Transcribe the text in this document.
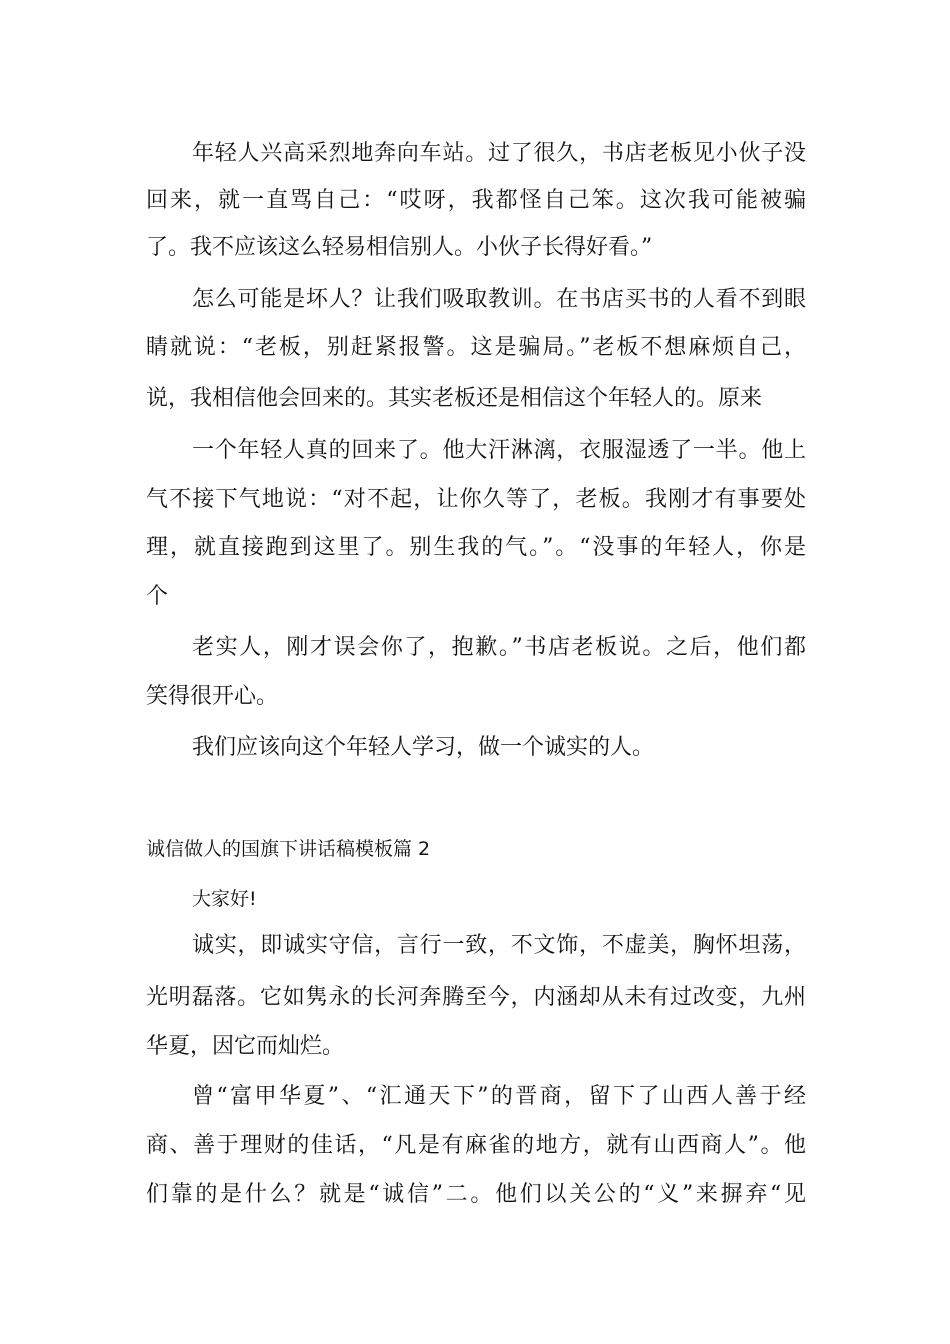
年轻人兴高采烈地奔向车站。过了很久，书店老板见小伙子没
回来，就一直骂自己：“哎呀，我都怪自己笨。这次我可能被骗
了。我不应该这么轻易相信别人。小伙子长得好看。”
怎么可能是坏人？让我们吸取教训。在书店买书的人看不到眼
睛就说：“老板，别赶紧报警。这是骗局。”老板不想麻烦自己，
说，我相信他会回来的。其实老板还是相信这个年轻人的。原来
一个年轻人真的回来了。他大汗淋漓，衣服湿透了一半。他上
气不接下气地说：“对不起，让你久等了，老板。我刚才有事要处
理，就直接跑到这里了。别生我的气。”。“没事的年轻人，你是
个
老实人，刚才误会你了，抱歉。”书店老板说。之后，他们都
笑得很开心。
我们应该向这个年轻人学习，做一个诚实的人。
诚信做人的国旗下讲话稿模板篇 2
大家好!
诚实，即诚实守信，言行一致，不文饰，不虚美，胸怀坦荡，
光明磊落。它如隽永的长河奔腾至今，内涵却从未有过改变，九州
华夏，因它而灿烂。
曾“富甲华夏”、“汇通天下”的晋商，留下了山西人善于经
商、善于理财的佳话，“凡是有麻雀的地方，就有山西商人”。他
们靠的是什么？就是“诚信”二。他们以关公的“义”来摒弃“见
